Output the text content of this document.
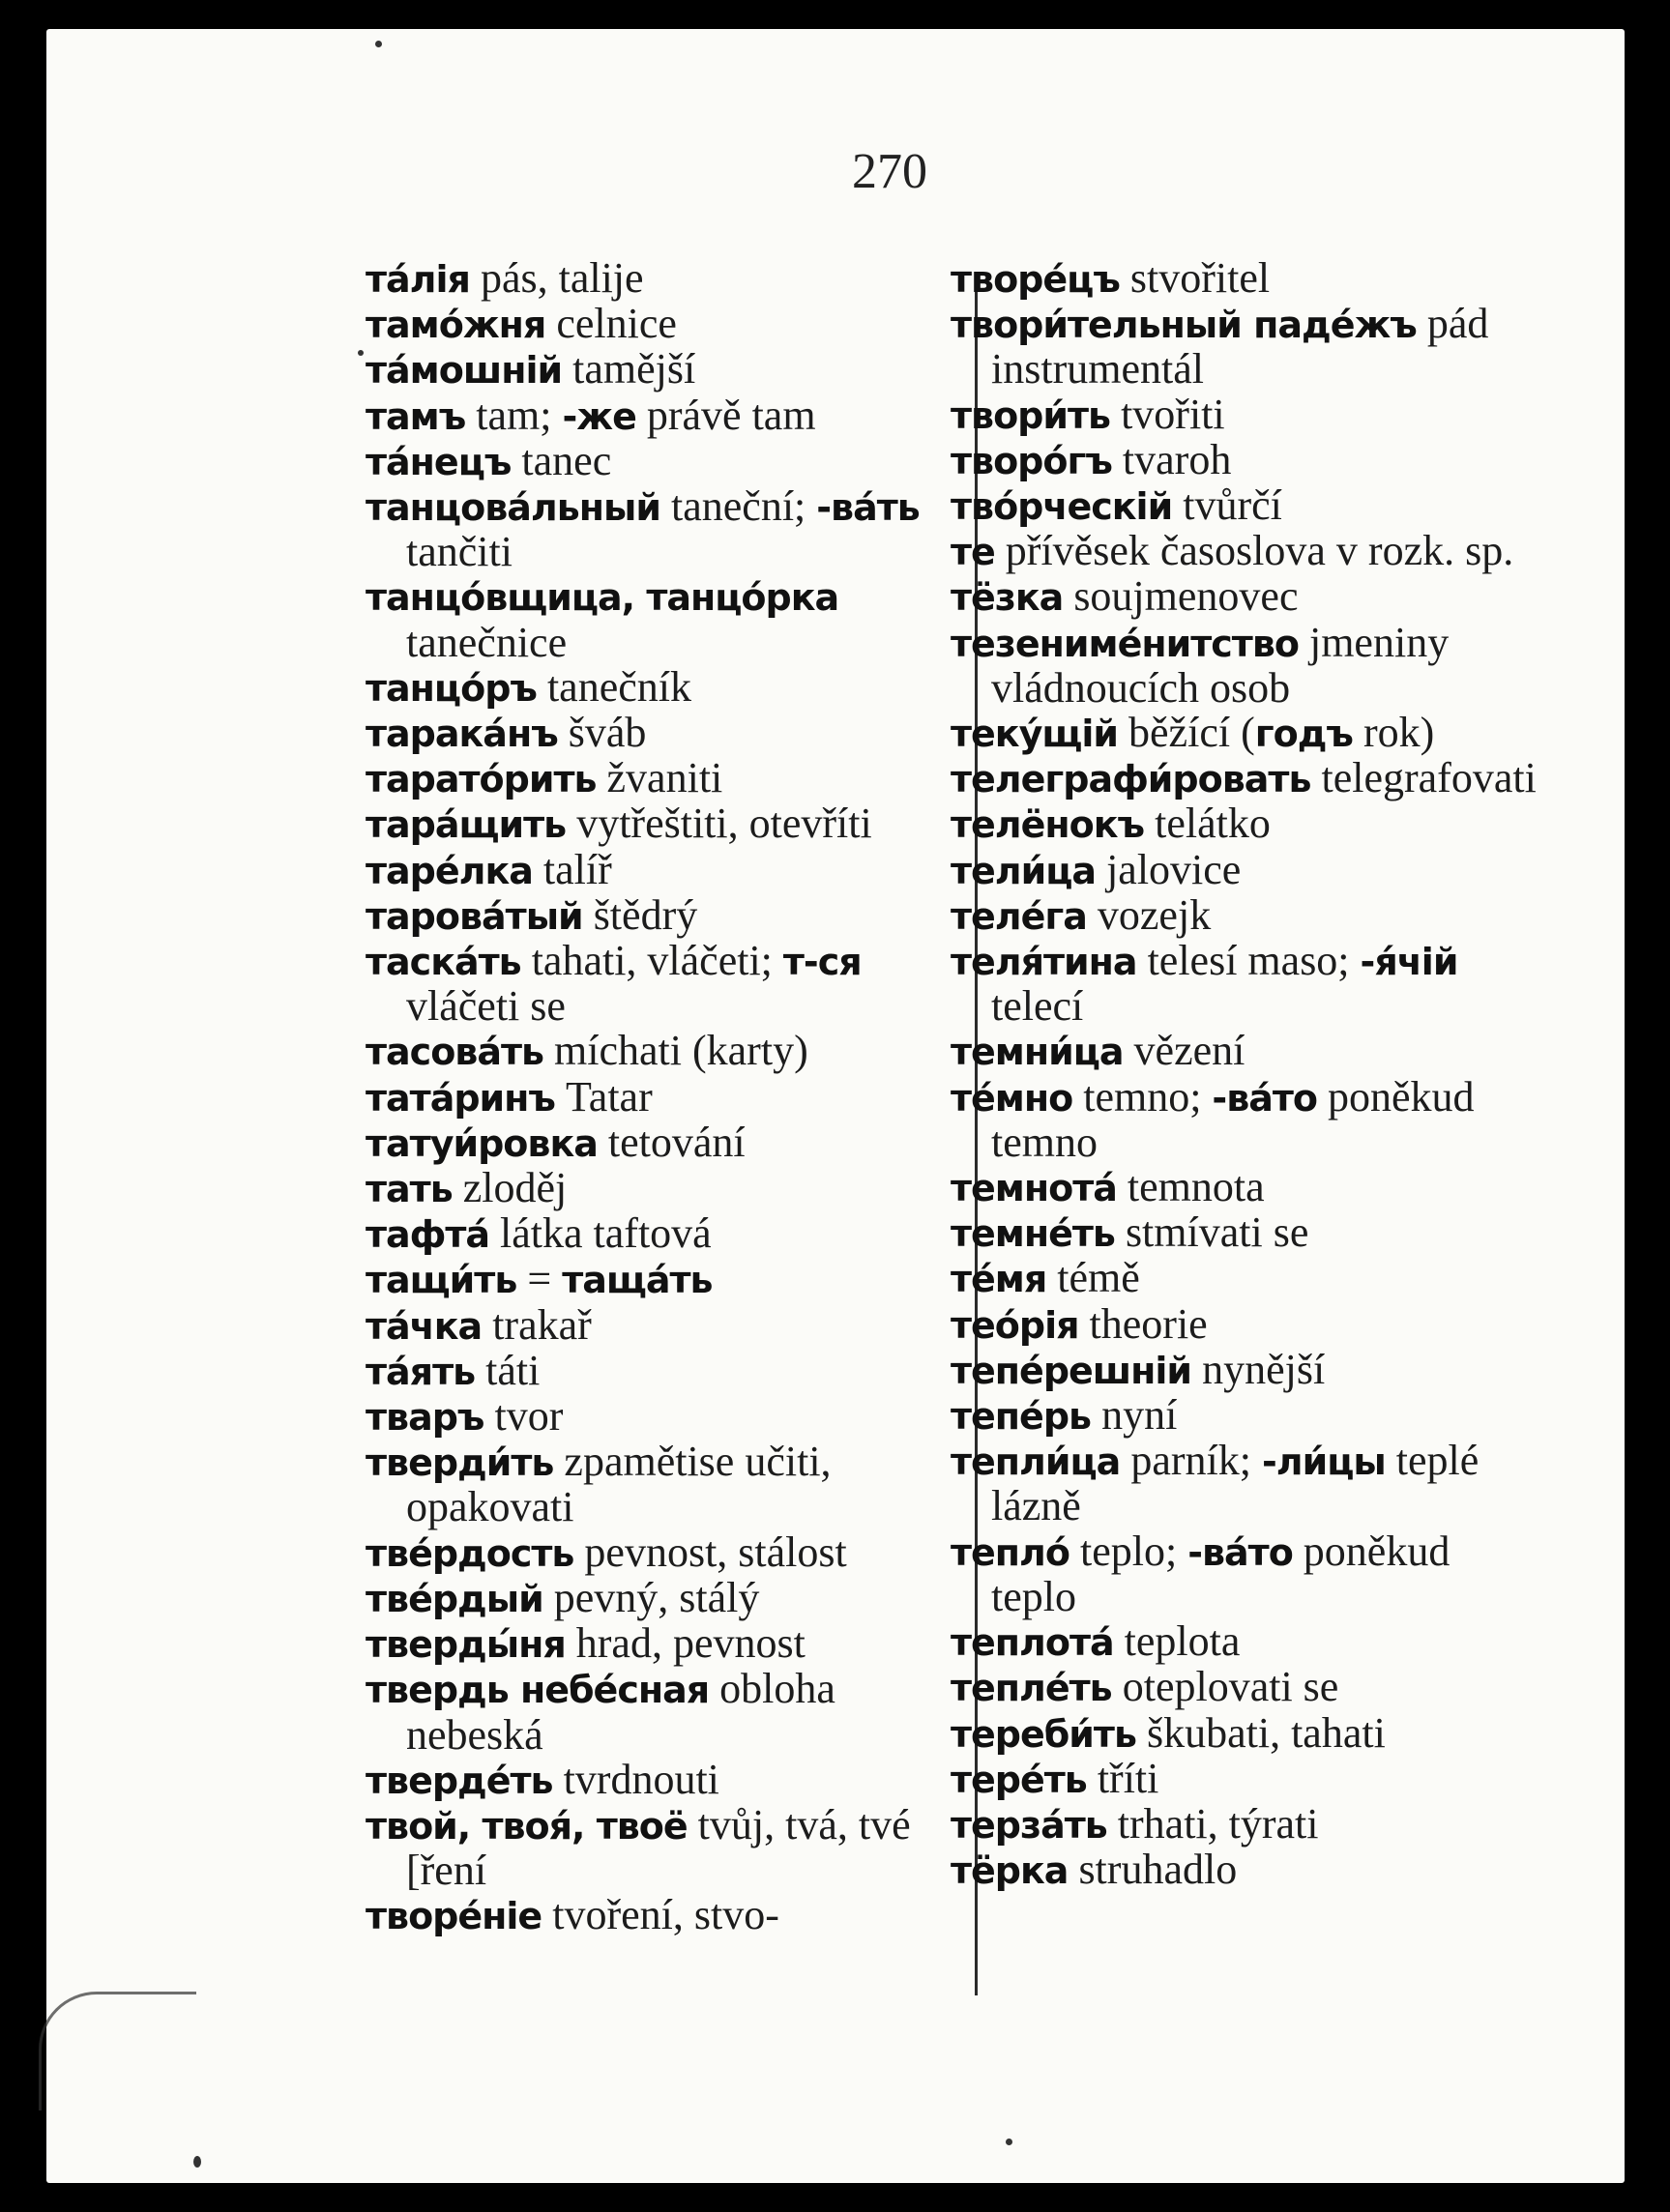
270

та́лія pás, talije

тамо́жня celnice

та́мошній tamější

тамъ tam; -же právě tam

та́нецъ tanec

танцова́льный taneční; -ва́ть tančiti

танцо́вщица, танцо́рка tanečnice

танцо́ръ tanečník

тарака́нъ šváb

тарато́рить žvaniti

тара́щить vytřeštiti, otevříti

таре́лка talíř

тарова́тый štědrý

таска́ть tahati, vláčeti; т-ся vláčeti se

тасова́ть míchati (karty)

тата́ринъ Tatar

татуи́ровка tetování

тать zloděj

тафта́ látka taftová

тащи́ть = таща́ть

та́чка trakař

та́ять táti

тваръ tvor

тверди́ть zpamětise učiti, opakovati

тве́рдость pevnost, stálost

тве́рдый pevný, stálý

тверды́ня hrad, pevnost

твердь небе́сная obloha nebeská

тверде́ть tvrdnouti

твой, твоя́, твоё tvůj, tvá, tvé [ření

творе́ніе tvoření, stvo-

творе́цъ stvořitel

твори́тельный паде́жъ pád instrumentál

твори́ть tvořiti

творо́гъ tvaroh

тво́рческій tvůrčí

те přívěsek časoslova v rozk. sp.

тёзка soujmenovec

тезениме́нитство jmeniny vládnoucích osob

теку́щій běžící (годъ rok)

телеграфи́ровать telegrafovati

телёнокъ telátko

тели́ца jalovice

теле́га vozejk

теля́тина telesí maso; -я́чій telecí

темни́ца vězení

те́мно temno; -ва́то poněkud temno

темнота́ temnota

темне́ть stmívati se

те́мя témě

тео́рія theorie

тепе́решній nynější

тепе́рь nyní

тепли́ца parník; -ли́цы teplé lázně

тепло́ teplo; -ва́то poněkud teplo

теплота́ teplota

тепле́ть oteplovati se

тереби́ть škubati, tahati

тере́ть tříti

терза́ть trhati, týrati

тёрка struhadlo
